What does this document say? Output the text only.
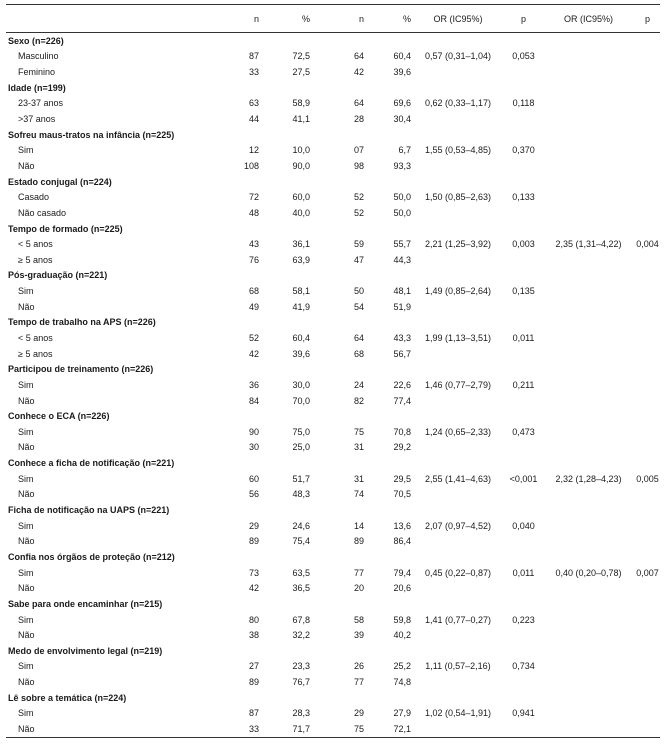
	n	%	n	%	OR (IC95%)	p	OR (IC95%)	p
Sexo (n=226)								
Masculino	87	72,5	64	60,4	0,57 (0,31–1,04)	0,053		
Feminino	33	27,5	42	39,6				
Idade (n=199)								
23-37 anos	63	58,9	64	69,6	0,62 (0,33–1,17)	0,118		
>37 anos	44	41,1	28	30,4				
Sofreu maus-tratos na infância (n=225)								
Sim	12	10,0	07	6,7	1,55 (0,53–4,85)	0,370		
Não	108	90,0	98	93,3				
Estado conjugal (n=224)								
Casado	72	60,0	52	50,0	1,50 (0,85–2,63)	0,133		
Não casado	48	40,0	52	50,0				
Tempo de formado (n=225)								
< 5 anos	43	36,1	59	55,7	2,21 (1,25–3,92)	0,003	2,35 (1,31–4,22)	0,004
≥ 5 anos	76	63,9	47	44,3				
Pós-graduação (n=221)								
Sim	68	58,1	50	48,1	1,49 (0,85–2,64)	0,135		
Não	49	41,9	54	51,9				
Tempo de trabalho na APS (n=226)								
< 5 anos	52	60,4	64	43,3	1,99 (1,13–3,51)	0,011		
≥ 5 anos	42	39,6	68	56,7				
Participou de treinamento (n=226)								
Sim	36	30,0	24	22,6	1,46 (0,77–2,79)	0,211		
Não	84	70,0	82	77,4				
Conhece o ECA (n=226)								
Sim	90	75,0	75	70,8	1,24 (0,65–2,33)	0,473		
Não	30	25,0	31	29,2				
Conhece a ficha de notificação (n=221)								
Sim	60	51,7	31	29,5	2,55 (1,41–4,63)	<0,001	2,32 (1,28–4,23)	0,005
Não	56	48,3	74	70,5				
Ficha de notificação na UAPS (n=221)								
Sim	29	24,6	14	13,6	2,07 (0,97–4,52)	0,040		
Não	89	75,4	89	86,4				
Confia nos órgãos de proteção (n=212)								
Sim	73	63,5	77	79,4	0,45 (0,22–0,87)	0,011	0,40 (0,20–0,78)	0,007
Não	42	36,5	20	20,6				
Sabe para onde encaminhar (n=215)								
Sim	80	67,8	58	59,8	1,41 (0,77–0,27)	0,223		
Não	38	32,2	39	40,2				
Medo de envolvimento legal (n=219)								
Sim	27	23,3	26	25,2	1,11 (0,57–2,16)	0,734		
Não	89	76,7	77	74,8				
Lê sobre a temática (n=224)								
Sim	87	28,3	29	27,9	1,02 (0,54–1,91)	0,941		
Não	33	71,7	75	72,1				
